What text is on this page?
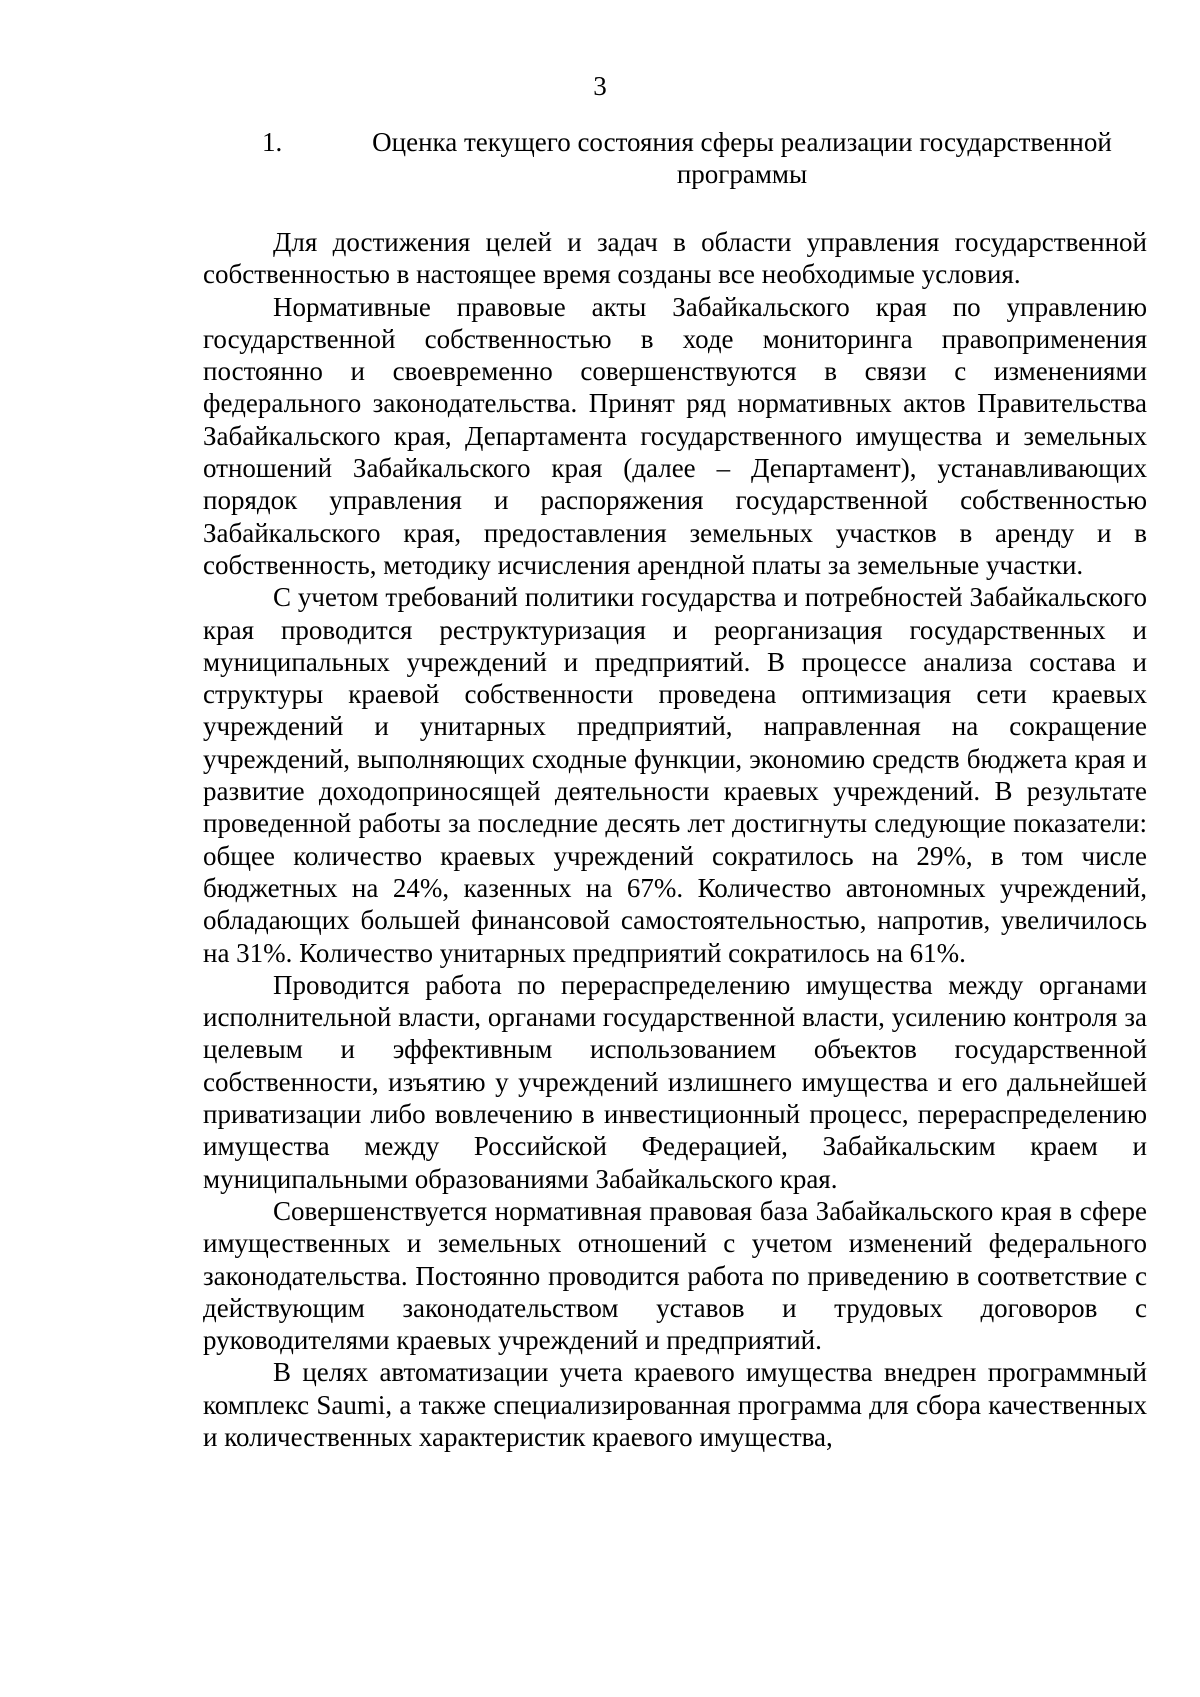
3
1.	Оценка текущего состояния сферы реализации государственной программы

Для достижения целей и задач в области управления государственной собственностью в настоящее время созданы все необходимые условия.

Нормативные правовые акты Забайкальского края по управлению государственной собственностью в ходе мониторинга правоприменения постоянно и своевременно совершенствуются в связи с изменениями федерального законодательства. Принят ряд нормативных актов Правительства Забайкальского края, Департамента государственного имущества и земельных отношений Забайкальского края (далее – Департамент), устанавливающих порядок управления и распоряжения государственной собственностью Забайкальского края, предоставления земельных участков в аренду и в собственность, методику исчисления арендной платы за земельные участки.

С учетом требований политики государства и потребностей Забайкальского края проводится реструктуризация и реорганизация государственных и муниципальных учреждений и предприятий. В процессе анализа состава и структуры краевой собственности проведена оптимизация сети краевых учреждений и унитарных предприятий, направленная на сокращение учреждений, выполняющих сходные функции, экономию средств бюджета края и развитие доходоприносящей деятельности краевых учреждений. В результате проведенной работы за последние десять лет достигнуты следующие показатели: общее количество краевых учреждений сократилось на 29%, в том числе бюджетных на 24%, казенных на 67%. Количество автономных учреждений, обладающих большей финансовой самостоятельностью, напротив, увеличилось на 31%. Количество унитарных предприятий сократилось на 61%.

Проводится работа по перераспределению имущества между органами исполнительной власти, органами государственной власти, усилению контроля за целевым и эффективным использованием объектов государственной собственности, изъятию у учреждений излишнего имущества и его дальнейшей приватизации либо вовлечению в инвестиционный процесс, перераспределению имущества между Российской Федерацией, Забайкальским краем и муниципальными образованиями Забайкальского края.

Совершенствуется нормативная правовая база Забайкальского края в сфере имущественных и земельных отношений с учетом изменений федерального законодательства. Постоянно проводится работа по приведению в соответствие с действующим законодательством уставов и трудовых договоров с руководителями краевых учреждений и предприятий.

В целях автоматизации учета краевого имущества внедрен программный комплекс Saumi, а также специализированная программа для сбора качественных и количественных характеристик краевого имущества,
